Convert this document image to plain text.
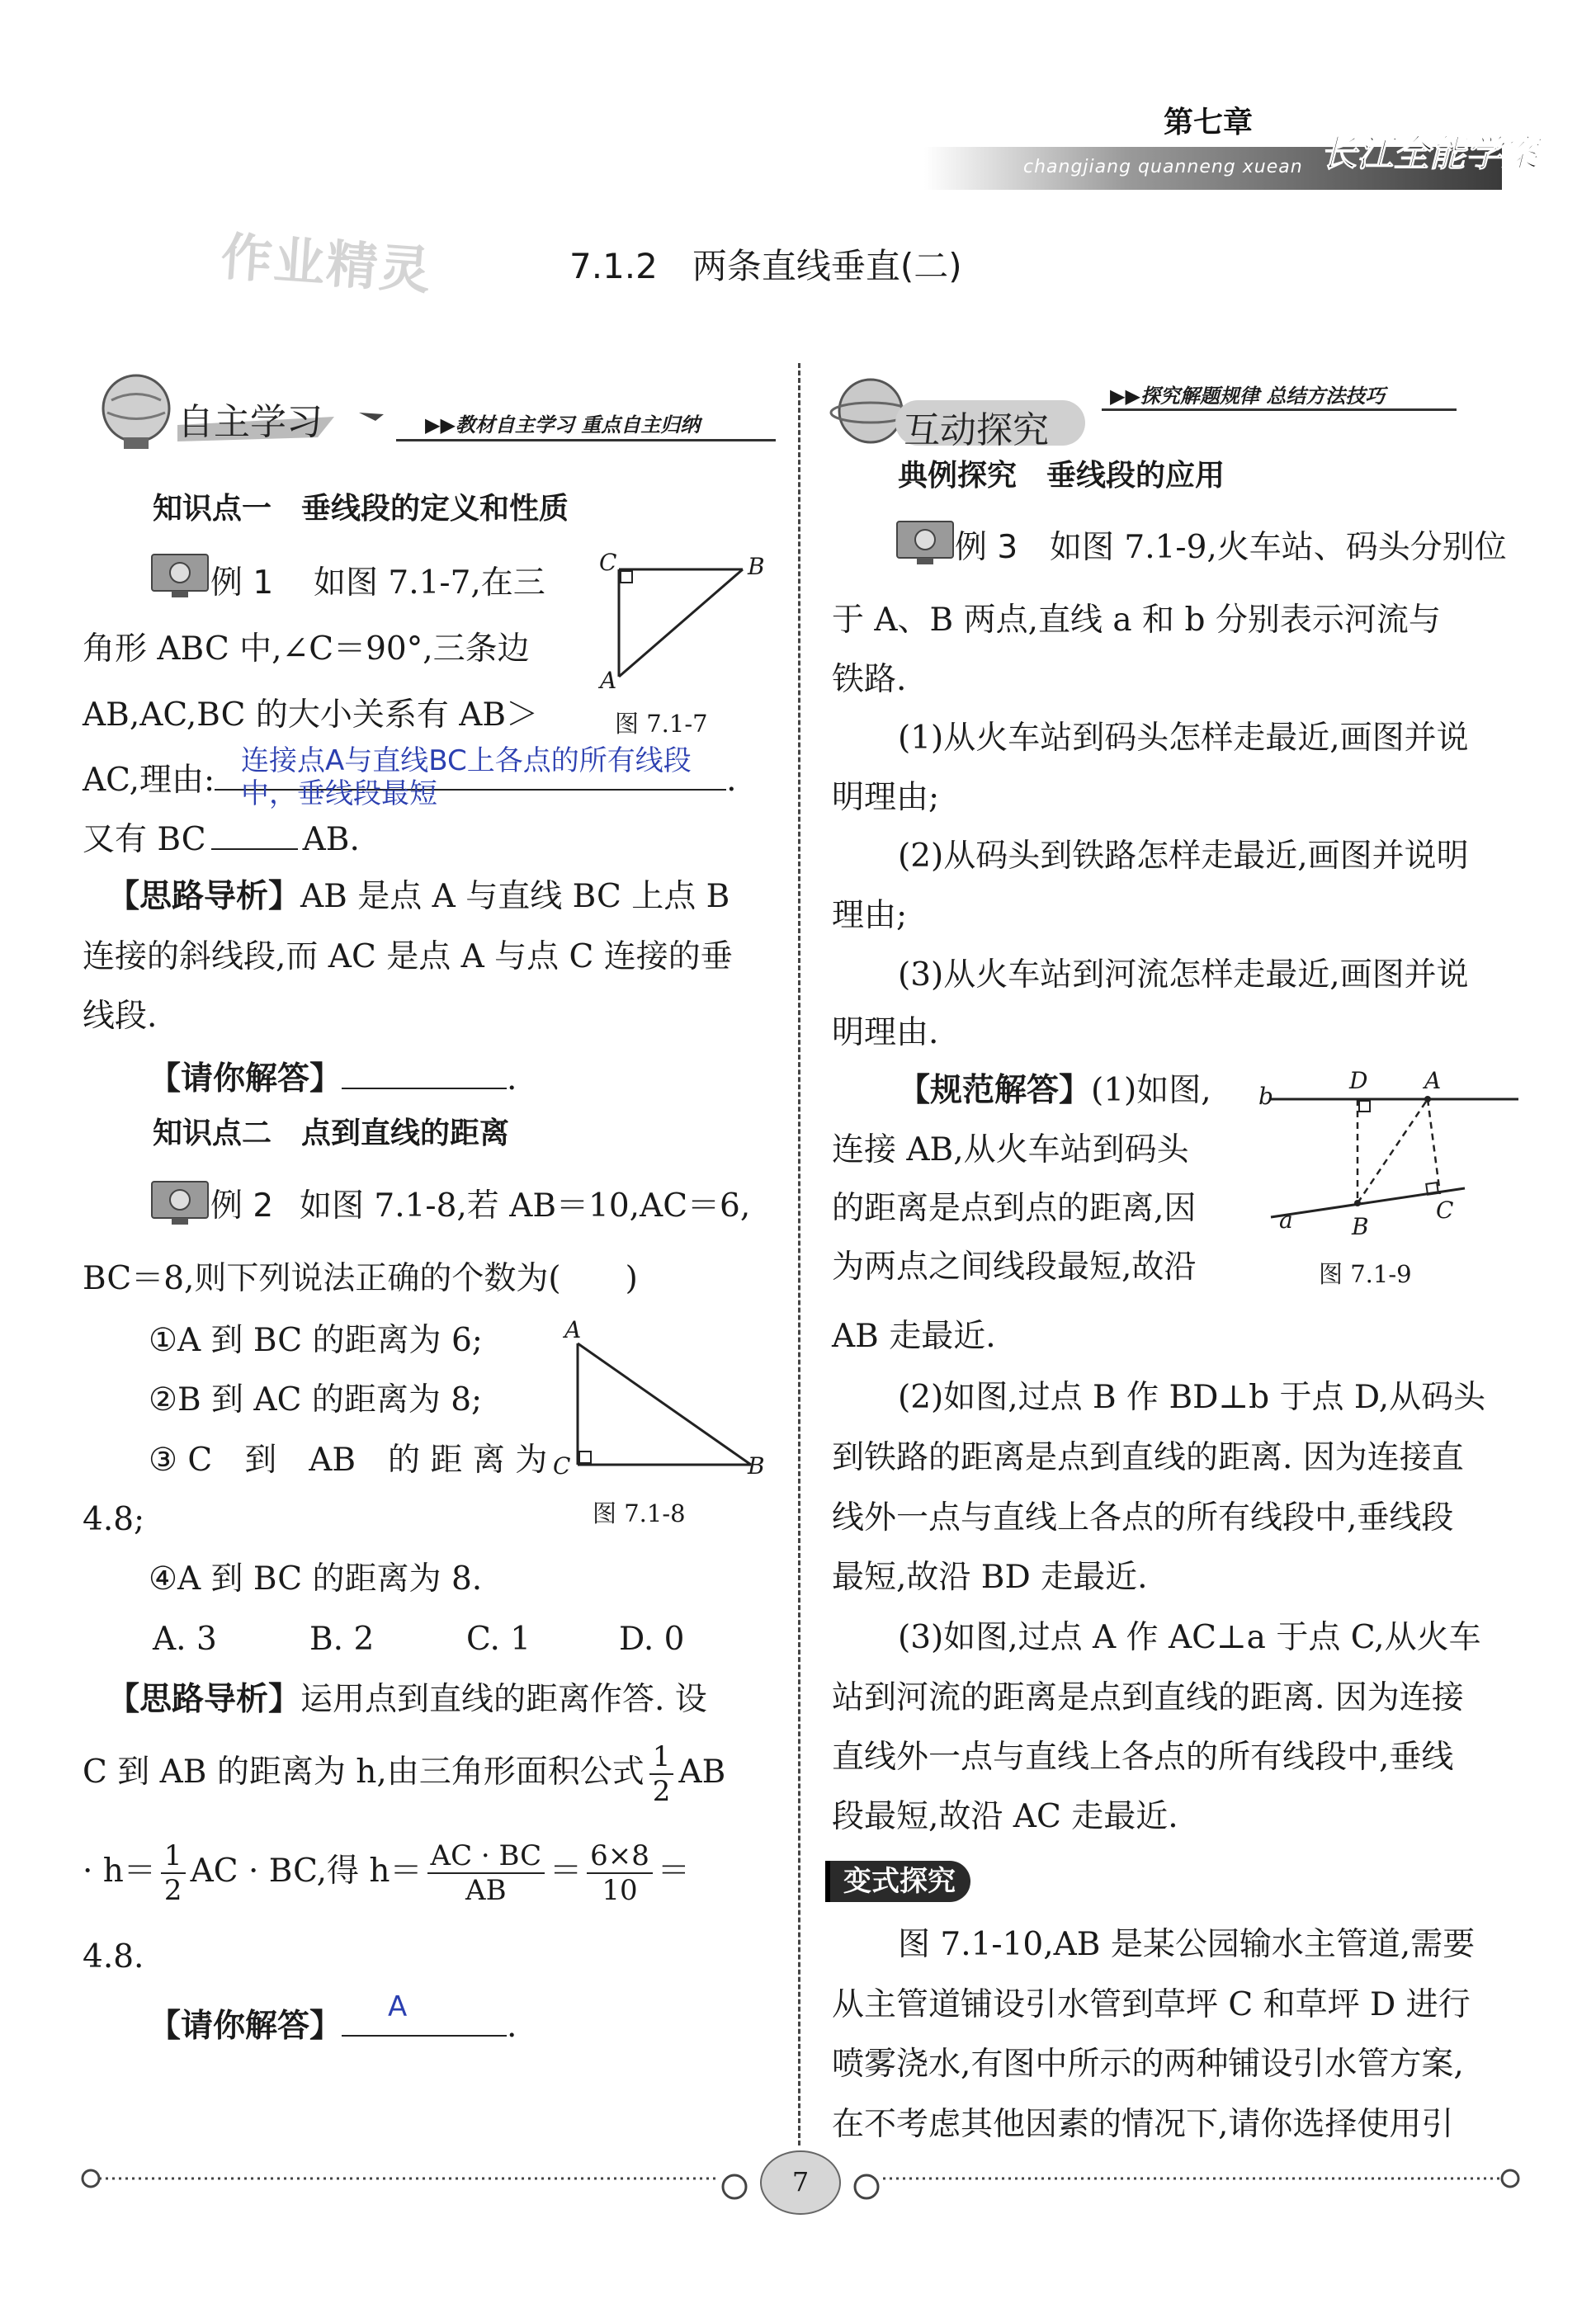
第七章
changjiang quanneng xuean 长江全能学案
作业精灵	7.1.2　两条直线垂直(二)
自主学习	▶▶教材自主学习 重点自主归纳
知识点一　垂线段的定义和性质
例 1 如图 7.1-7,在三
角形 ABC 中,∠C＝90°,三条边
AB,AC,BC 的大小关系有 AB＞
AC,理由:	.
连接点A与直线BC上各点的所有线段中，垂线段最短
又有 BC	AB.
C	B
A
图 7.1-7
【思路导析】AB 是点 A 与直线 BC 上点 B
连接的斜线段,而 AC 是点 A 与点 C 连接的垂
线段.
【请你解答】	.
知识点二　点到直线的距离
例 2 如图 7.1-8,若 AB＝10,AC＝6,
BC＝8,则下列说法正确的个数为(　　)
①A 到 BC 的距离为 6;
②B 到 AC 的距离为 8;
③ C　到　AB　的 距 离 为
4.8;
④A 到 BC 的距离为 8.
A. 3	B. 2	C. 1	D. 0
A
C	B
图 7.1-8
【思路导析】运用点到直线的距离作答. 设
C 到 AB 的距离为 h,由三角形面积公式 $\frac{1}{2}$ AB
· $h= \frac{1}{2}$ AC · BC,得 $h= \frac{AC \cdot BC}{AB} = \frac{6\times 8}{10}$ ＝
4.8.
【请你解答】	.
A
互动探究
▶▶探究解题规律 总结方法技巧
典例探究　垂线段的应用
例 3 如图 7.1-9,火车站、码头分别位
于 A、B 两点,直线 a 和 b 分别表示河流与
铁路.
(1)从火车站到码头怎样走最近,画图并说
明理由;
(2)从码头到铁路怎样走最近,画图并说明
理由;
(3)从火车站到河流怎样走最近,画图并说
明理由.
【规范解答】(1)如图,
连接 AB,从火车站到码头
的距离是点到点的距离,因
为两点之间线段最短,故沿
AB 走最近.
(2)如图,过点 B 作 BD⊥b 于点 D,从码头
到铁路的距离是点到直线的距离. 因为连接直
线外一点与直线上各点的所有线段中,垂线段
最短,故沿 BD 走最近.
(3)如图,过点 A 作 AC⊥a 于点 C,从火车
站到河流的距离是点到直线的距离. 因为连接
直线外一点与直线上各点的所有线段中,垂线
段最短,故沿 AC 走最近.
b
D A
a	B
C
图 7.1-9
变式探究
图 7.1-10,AB 是某公园输水主管道,需要
从主管道铺设引水管到草坪 C 和草坪 D 进行
喷雾浇水,有图中所示的两种铺设引水管方案,
在不考虑其他因素的情况下,请你选择使用引
7
